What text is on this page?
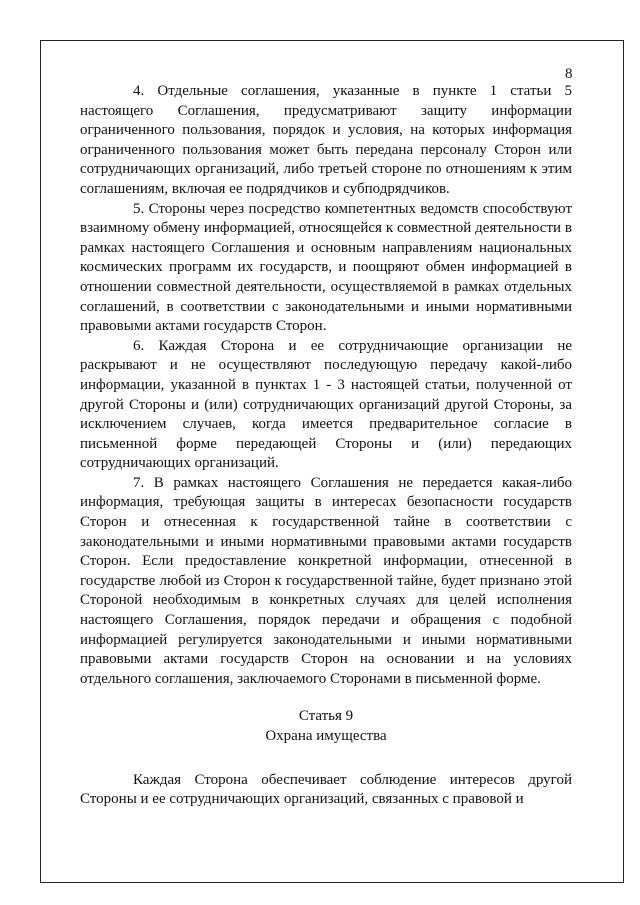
8

4. Отдельные соглашения, указанные в пункте 1 статьи 5 настоящего Соглашения, предусматривают защиту информации ограниченного пользования, порядок и условия, на которых информация ограниченного пользования может быть передана персоналу Сторон или сотрудничающих организаций, либо третьей стороне по отношениям к этим соглашениям, включая ее подрядчиков и субподрядчиков.

5. Стороны через посредство компетентных ведомств способствуют взаимному обмену информацией, относящейся к совместной деятельности в рамках настоящего Соглашения и основным направлениям национальных космических программ их государств, и поощряют обмен информацией в отношении совместной деятельности, осуществляемой в рамках отдельных соглашений, в соответствии с законодательными и иными нормативными правовыми актами государств Сторон.

6. Каждая Сторона и ее сотрудничающие организации не раскрывают и не осуществляют последующую передачу какой-либо информации, указанной в пунктах 1 - 3 настоящей статьи, полученной от другой Стороны и (или) сотрудничающих организаций другой Стороны, за исключением случаев, когда имеется предварительное согласие в письменной форме передающей Стороны и (или) передающих сотрудничающих организаций.

7. В рамках настоящего Соглашения не передается какая-либо информация, требующая защиты в интересах безопасности государств Сторон и отнесенная к государственной тайне в соответствии с законодательными и иными нормативными правовыми актами государств Сторон. Если предоставление конкретной информации, отнесенной в государстве любой из Сторон к государственной тайне, будет признано этой Стороной необходимым в конкретных случаях для целей исполнения настоящего Соглашения, порядок передачи и обращения с подобной информацией регулируется законодательными и иными нормативными правовыми актами государств Сторон на основании и на условиях отдельного соглашения, заключаемого Сторонами в письменной форме.

Статья 9
Охрана имущества

Каждая Сторона обеспечивает соблюдение интересов другой Стороны и ее сотрудничающих организаций, связанных с правовой и
